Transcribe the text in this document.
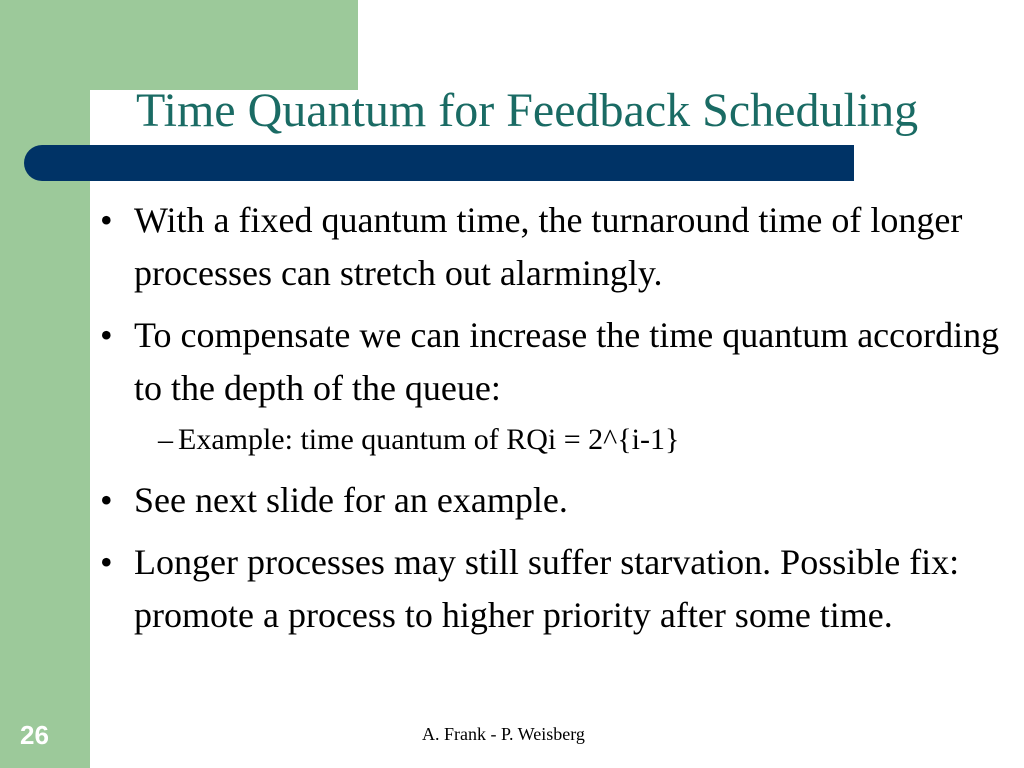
Time Quantum for Feedback Scheduling
• With a fixed quantum time, the turnaround time of longer processes can stretch out alarmingly.
• To compensate we can increase the time quantum according to the depth of the queue:
– Example: time quantum of RQi = 2^{i-1}
• See next slide for an example.
• Longer processes may still suffer starvation. Possible fix: promote a process to higher priority after some time.
26	A. Frank - P. Weisberg
